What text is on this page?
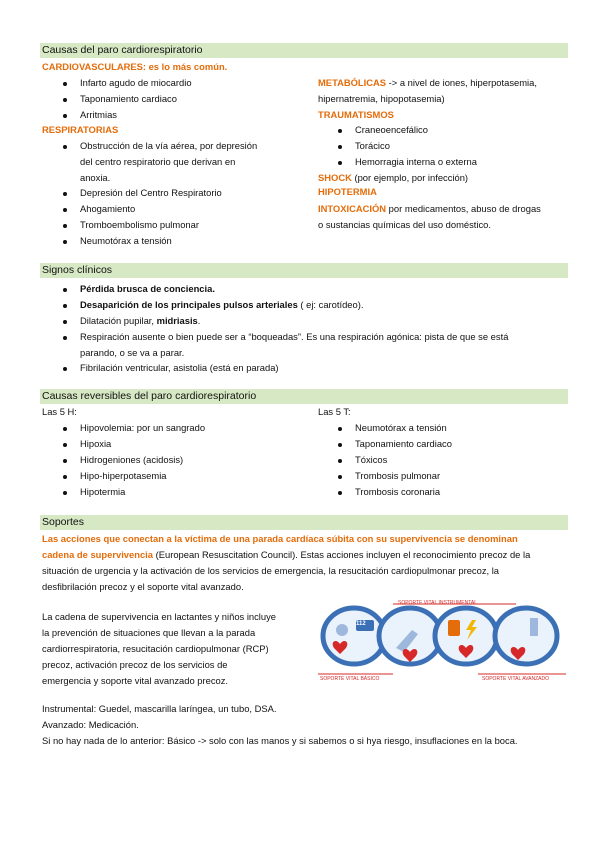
Causas del paro cardiorespiratorio
CARDIOVASCULARES: es lo más común.
Infarto agudo de miocardio
Taponamiento cardiaco
Arritmias
RESPIRATORIAS
Obstrucción de la vía aérea, por depresión
del centro respiratorio que derivan en
anoxia.
Depresión del Centro Respiratorio
Ahogamiento
Tromboembolismo pulmonar
Neumotórax a tensión
METABÓLICAS -> a nivel de iones, hiperpotasemia,
hipernatremia, hipopotasemia)
TRAUMATISMOS
Craneoencefálico
Torácico
Hemorragia interna o externa
SHOCK (por ejemplo, por infección)
HIPOTERMIA
INTOXICACIÓN por medicamentos, abuso de drogas
o sustancias químicas del uso doméstico.
Signos clínicos
Pérdida brusca de conciencia.
Desaparición de los principales pulsos arteriales ( ej: carotídeo).
Dilatación pupilar, midriasis.
Respiración ausente o bien puede ser a “boqueadas”. Es una respiración agónica: pista de que se está
parando, o se va a parar.
Fibrilación ventricular, asistolia (está en parada)
Causas reversibles del paro cardiorespiratorio
Las 5 H:
Hipovolemia: por un sangrado
Hipoxia
Hidrogeniones (acidosis)
Hipo-hiperpotasemia
Hipotermia
Las 5 T:
Neumotórax a tensión
Taponamiento cardiaco
Tóxicos
Trombosis pulmonar
Trombosis coronaria
Soportes
Las acciones que conectan a la víctima de una parada cardíaca súbita con su supervivencia se denominan
cadena de supervivencia (European Resuscitation Council). Estas acciones incluyen el reconocimiento precoz de la
situación de urgencia y la activación de los servicios de emergencia, la resucitación cardiopulmonar precoz, la
desfibrilación precoz y el soporte vital avanzado.
La cadena de supervivencia en lactantes y niños incluye
la prevención de situaciones que llevan a la parada
cardiorrespiratoria, resucitación cardiopulmonar (RCP)
precoz, activación precoz de los servicios de
emergencia y soporte vital avanzado precoz.
112
SOPORTE VITAL INSTRUMENTAL
SOPORTE VITAL BÁSICO	SOPORTE VITAL AVANZADO
Instrumental: Guedel, mascarilla laríngea, un tubo, DSA.
Avanzado: Medicación.
Si no hay nada de lo anterior: Básico -> solo con las manos y si sabemos o si hya riesgo, insuflaciones en la boca.
